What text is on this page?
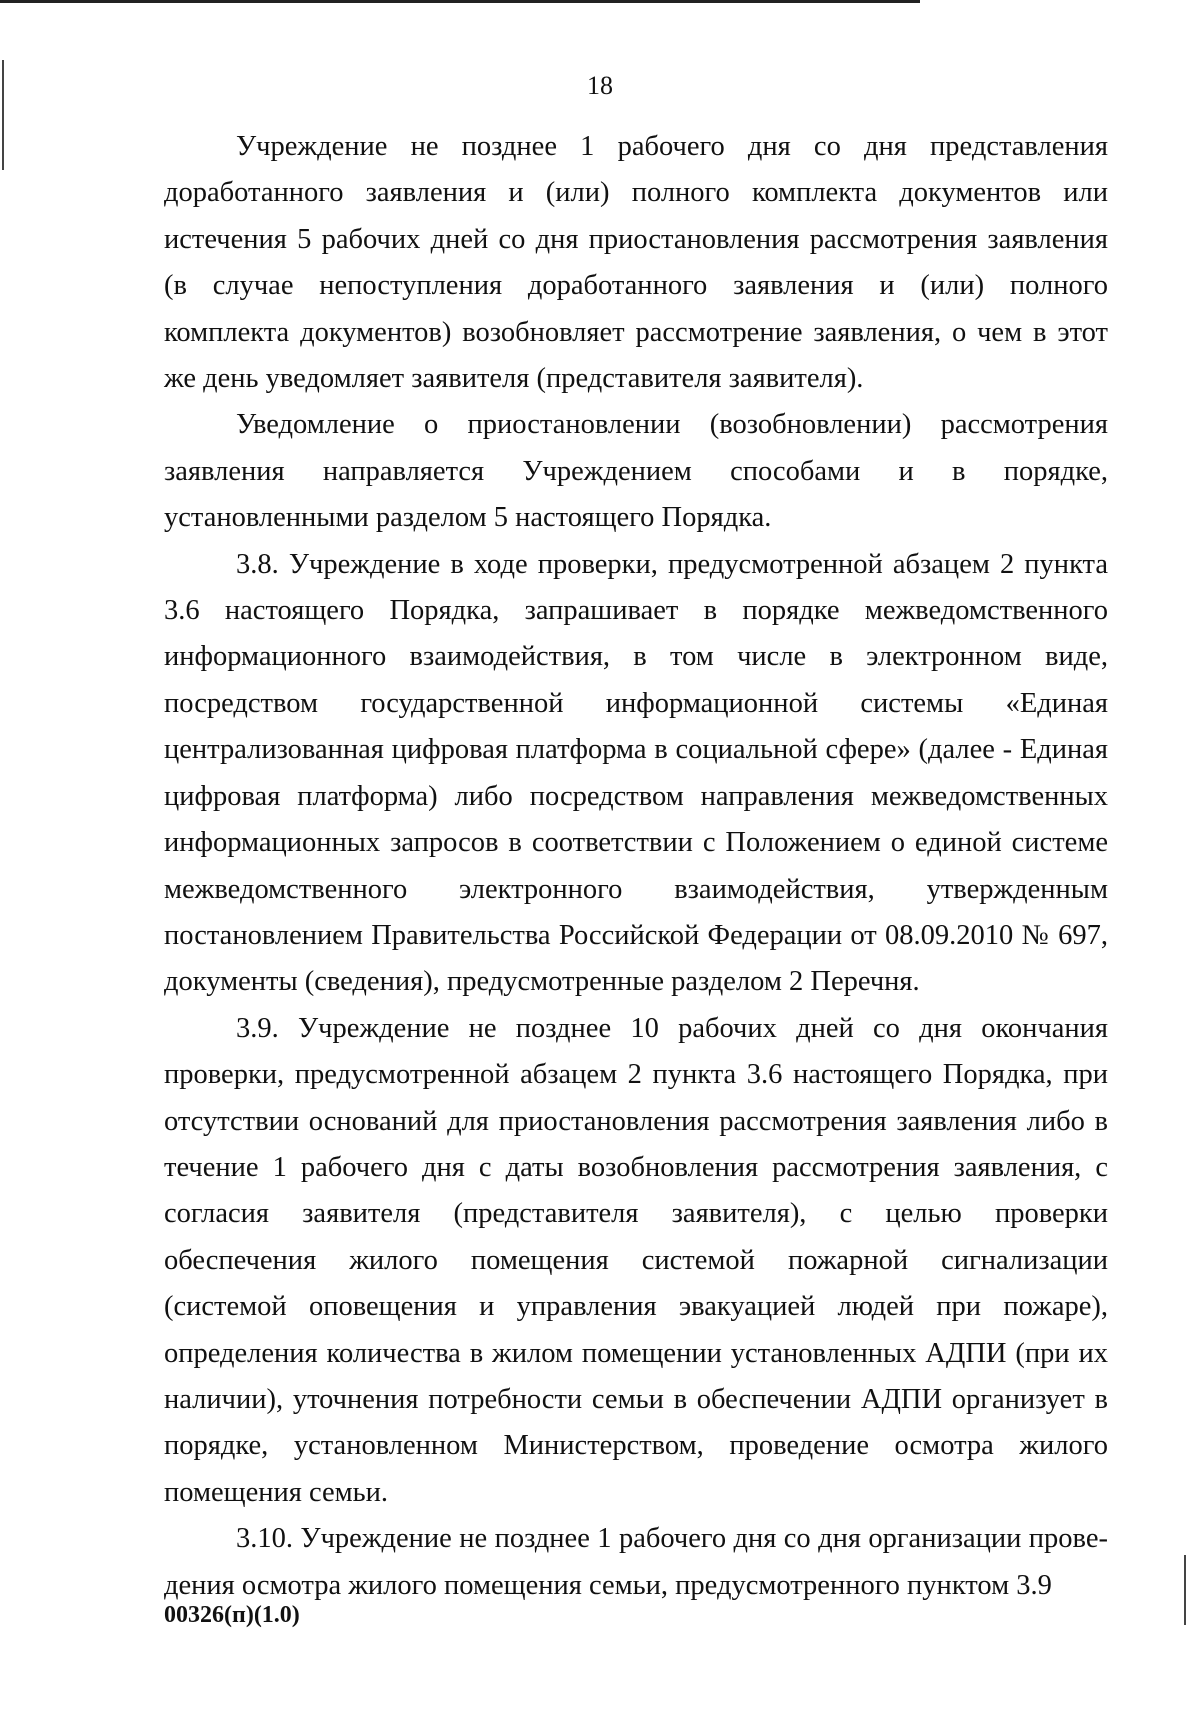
18

Учреждение не позднее 1 рабочего дня со дня представления доработанного заявления и (или) полного комплекта документов или истечения 5 рабочих дней со дня приостановления рассмотрения заявления (в случае непоступления доработанного заявления и (или) полного комплекта документов) возобновляет рассмотрение заявления, о чем в этот же день уведомляет заявителя (представителя заявителя).

Уведомление о приостановлении (возобновлении) рассмотрения заявления направляется Учреждением способами и в порядке, установленными разделом 5 настоящего Порядка.

3.8. Учреждение в ходе проверки, предусмотренной абзацем 2 пункта 3.6 настоящего Порядка, запрашивает в порядке межведомственного информационного взаимодействия, в том числе в электронном виде, посредством государственной информационной системы «Единая централизованная цифровая платформа в социальной сфере» (далее - Единая цифровая платформа) либо посредством направления межведомственных информационных запросов в соответствии с Положением о единой системе межведомственного электронного взаимодействия, утвержденным постановлением Правительства Российской Федерации от 08.09.2010 № 697, документы (сведения), предусмотренные разделом 2 Перечня.

3.9. Учреждение не позднее 10 рабочих дней со дня окончания проверки, предусмотренной абзацем 2 пункта 3.6 настоящего Порядка, при отсутствии оснований для приостановления рассмотрения заявления либо в течение 1 рабочего дня с даты возобновления рассмотрения заявления, с согласия заявителя (представителя заявителя), с целью проверки обеспечения жилого помещения системой пожарной сигнализации (системой оповещения и управления эвакуацией людей при пожаре), определения количества в жилом помещении установленных АДПИ (при их наличии), уточнения потребности семьи в обеспечении АДПИ организует в порядке, установленном Министерством, проведение осмотра жилого помещения семьи.

3.10. Учреждение не позднее 1 рабочего дня со дня организации проведения осмотра жилого помещения семьи, предусмотренного пунктом 3.9

00326(п)(1.0)
